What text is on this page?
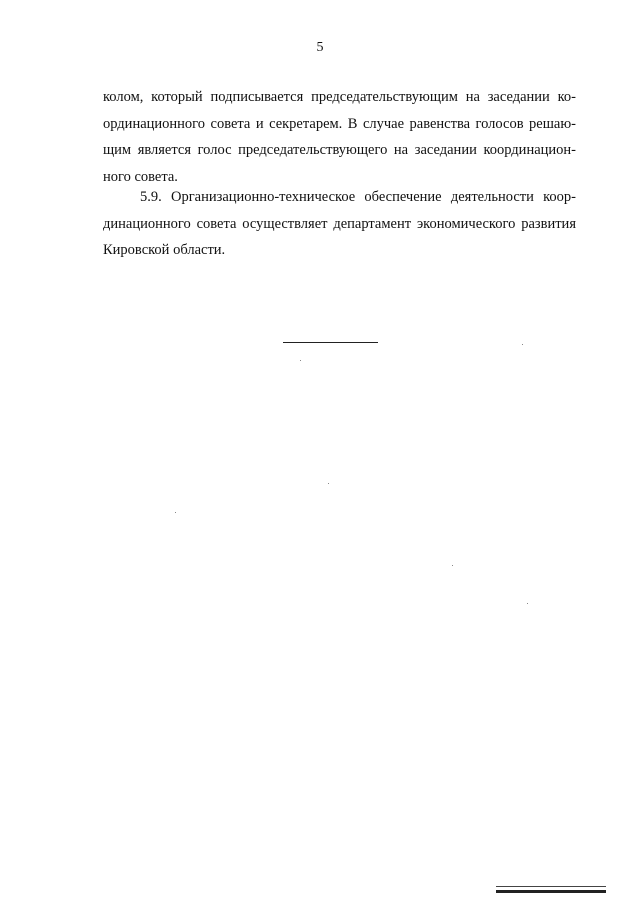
5
колом, который подписывается председательствующим на заседании ко-
ординационного совета и секретарем. В случае равенства голосов решаю-
щим является голос председательствующего на заседании координацион-
ного совета.
5.9. Организационно-техническое обеспечение деятельности коор-
динационного совета осуществляет департамент экономического развития
Кировской области.
